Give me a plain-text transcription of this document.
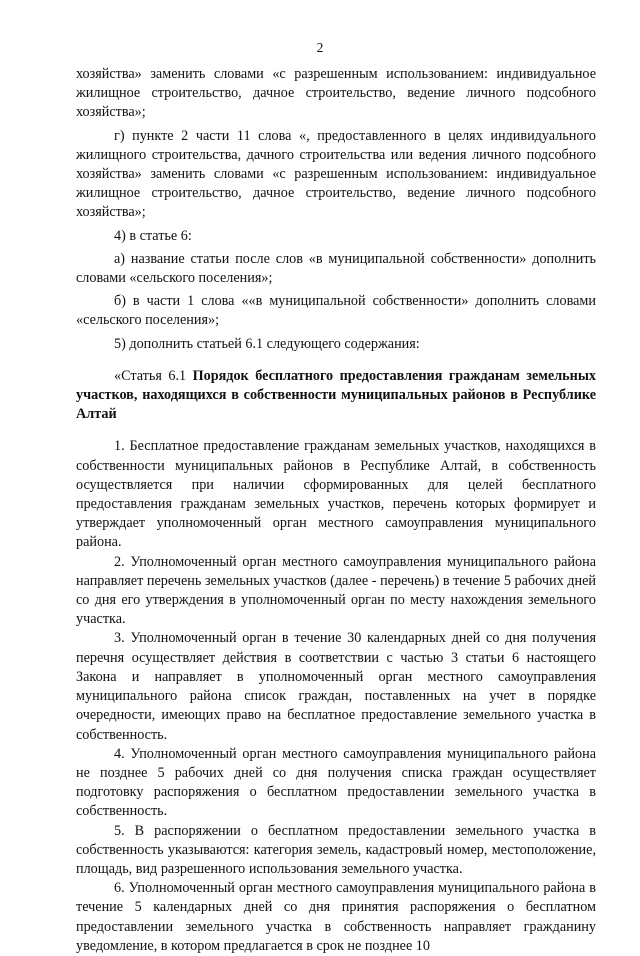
2

хозяйства» заменить словами «с разрешенным использованием: индивидуальное жилищное строительство, дачное строительство, ведение личного подсобного хозяйства»;

г) пункте 2 части 11 слова «, предоставленного в целях индивидуального жилищного строительства, дачного строительства или ведения личного подсобного хозяйства» заменить словами «с разрешенным использованием: индивидуальное жилищное строительство, дачное строительство, ведение личного подсобного хозяйства»;

4) в статье 6:

а) название статьи после слов «в муниципальной собственности» дополнить словами «сельского поселения»;

б) в части 1 слова ««в муниципальной собственности» дополнить словами «сельского поселения»;

5) дополнить статьей 6.1 следующего содержания:

«Статья 6.1 Порядок бесплатного предоставления гражданам земельных участков, находящихся в собственности муниципальных районов в Республике Алтай

1. Бесплатное предоставление гражданам земельных участков, находящихся в собственности муниципальных районов в Республике Алтай, в собственность осуществляется при наличии сформированных для целей бесплатного предоставления гражданам земельных участков, перечень которых формирует и утверждает уполномоченный орган местного самоуправления муниципального района.

2. Уполномоченный орган местного самоуправления муниципального района направляет перечень земельных участков (далее - перечень) в течение 5 рабочих дней со дня его утверждения в уполномоченный орган по месту нахождения земельного участка.

3. Уполномоченный орган в течение 30 календарных дней со дня получения перечня осуществляет действия в соответствии с частью 3 статьи 6 настоящего Закона и направляет в уполномоченный орган местного самоуправления муниципального района список граждан, поставленных на учет в порядке очередности, имеющих право на бесплатное предоставление земельного участка в собственность.

4. Уполномоченный орган местного самоуправления муниципального района не позднее 5 рабочих дней со дня получения списка граждан осуществляет подготовку распоряжения о бесплатном предоставлении земельного участка в собственность.

5. В распоряжении о бесплатном предоставлении земельного участка в собственность указываются: категория земель, кадастровый номер, местоположение, площадь, вид разрешенного использования земельного участка.

6. Уполномоченный орган местного самоуправления муниципального района в течение 5 календарных дней со дня принятия распоряжения о бесплатном предоставлении земельного участка в собственность направляет гражданину уведомление, в котором предлагается в срок не позднее 10
